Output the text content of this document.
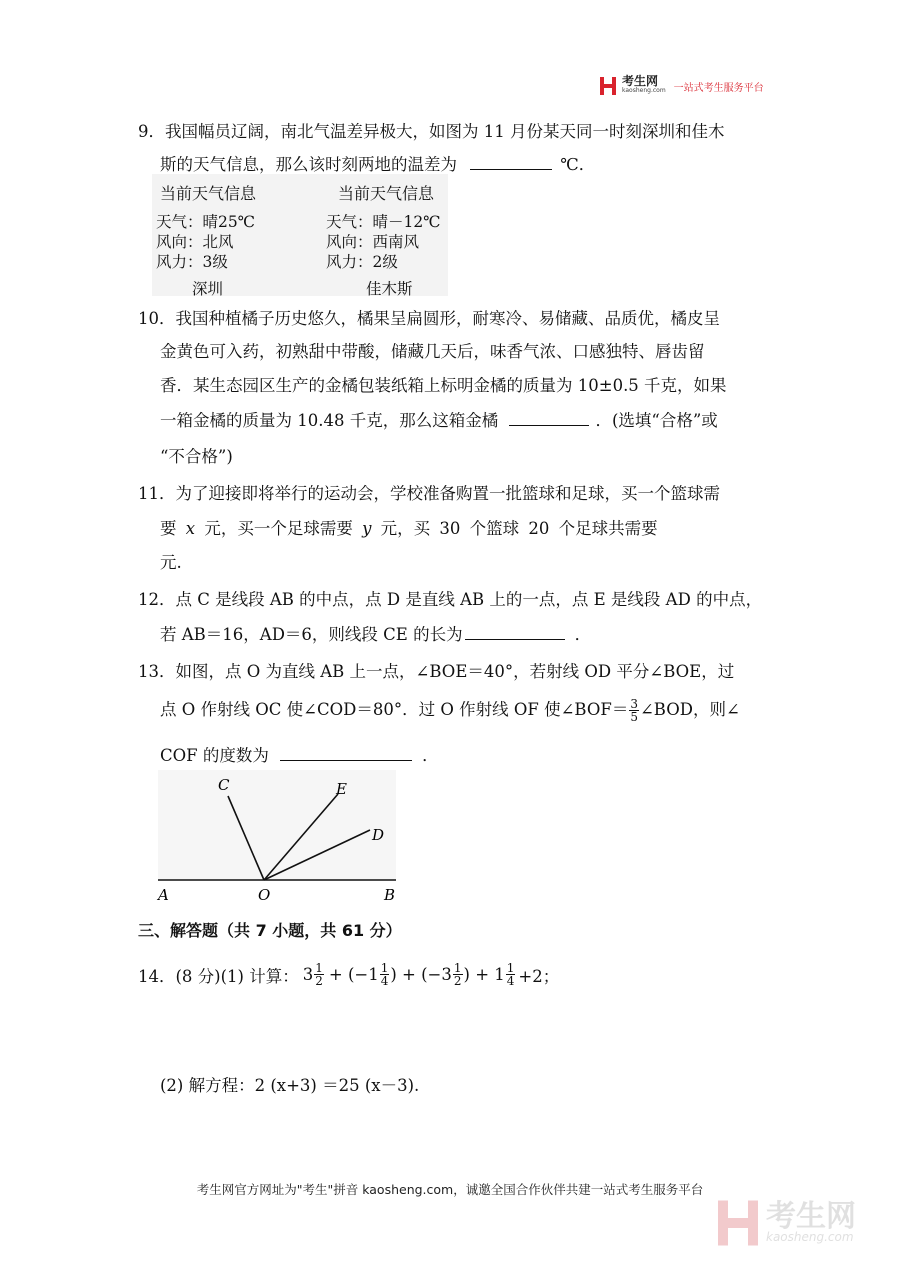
考生网
kaosheng.com 一站式考生服务平台
9．我国幅员辽阔，南北气温差异极大，如图为 11 月份某天同一时刻深圳和佳木
斯的天气信息，那么该时刻两地的温差为	℃．
当前天气信息
天气：晴25℃
风向：北风
风力：3级
深圳
当前天气信息
天气：晴－12℃
风向：西南风
风力：2级
佳木斯
10．我国种植橘子历史悠久，橘果呈扁圆形，耐寒冷、易储藏、品质优，橘皮呈
金黄色可入药，初熟甜中带酸，储藏几天后，味香气浓、口感独特、唇齿留
香．某生态园区生产的金橘包装纸箱上标明金橘的质量为 10±0.5 千克，如果
一箱金橘的质量为 10.48 千克，那么这箱金橘	．(选填“合格”或
“不合格”)
11．为了迎接即将举行的运动会，学校准备购置一批篮球和足球，买一个篮球需
要 x 元，买一个足球需要 y 元，买 30 个篮球 20 个足球共需要
元.
12．点 C 是线段 AB 的中点，点 D 是直线 AB 上的一点，点 E 是线段 AD 的中点，
若 AB＝16，AD＝6，则线段 CE 的长为	．
13．如图，点 O 为直线 AB 上一点，∠BOE＝40°，若射线 OD 平分∠BOE，过
点 O 作射线 OC 使∠COD＝80°．过 O 作射线 OF 使∠BOF＝ $\frac{3}{5}$ ∠BOD，则∠
COF 的度数为	．
A	O	B
C	E
D
三、解答题（共 7 小题，共 61 分）
14． (8 分)(1) 计算： $3 \frac{1}{2} + (-1 \frac{1}{4}$ ) + ($-3 \frac{1}{2}$ ) + $1 \frac{1}{4} +2$；
(2) 解方程：2 (x+3) ＝25 (x－3).
考生网官方网址为"考生"拼音 kaosheng.com，诚邀全国合作伙伴共建一站式考生服务平台
考生网
kaosheng.com
